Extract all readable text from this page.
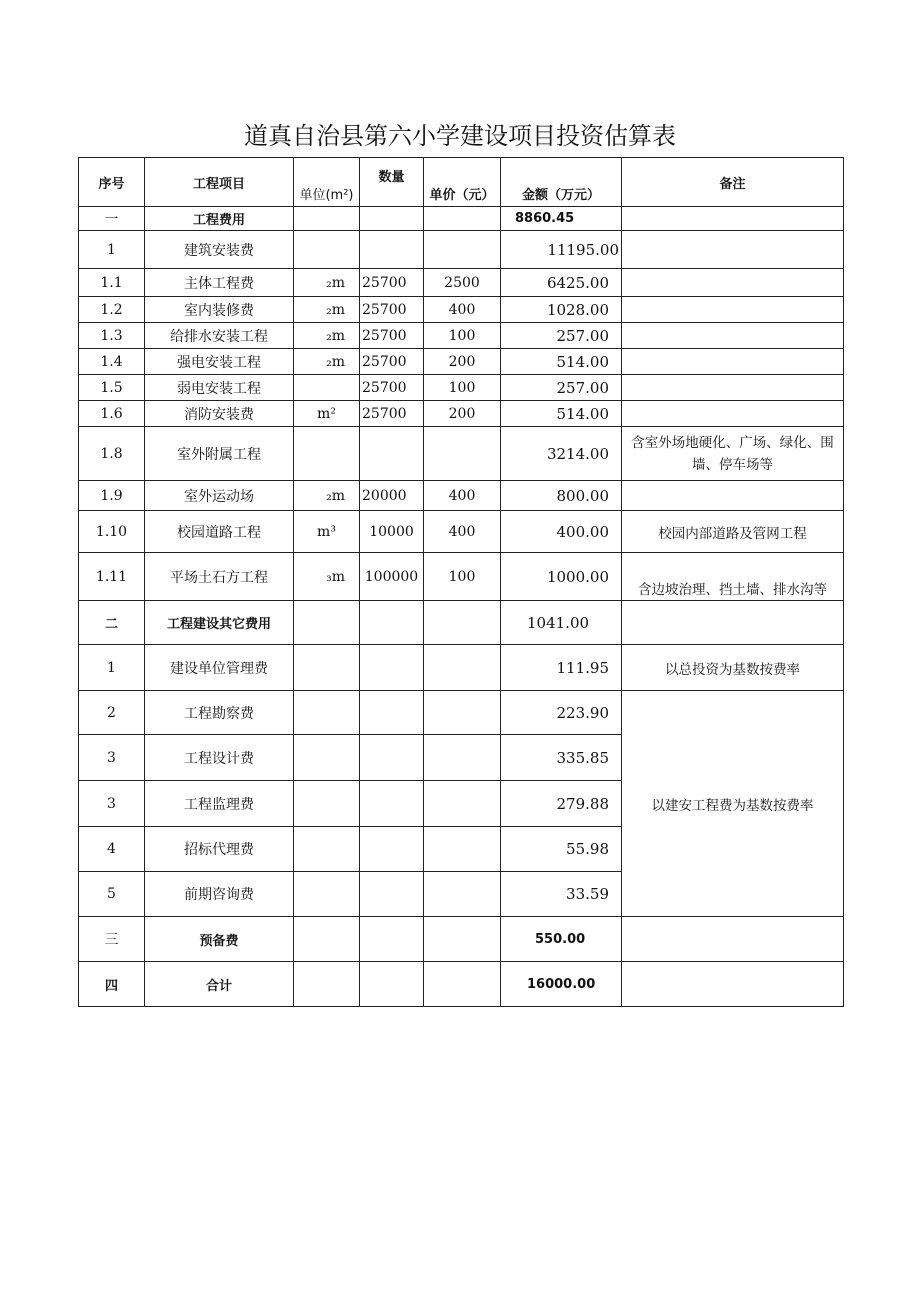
道真自治县第六小学建设项目投资估算表
序号	工程项目	单位(m²)	数量	单价（元）	金额（万元）	备注
一	工程费用				8860.45	
1	建筑安装费				11195.00	
1.1	主体工程费	₂m	25700	2500	6425.00	
1.2	室内装修费	₂m	25700	400	1028.00	
1.3	给排水安装工程	₂m	25700	100	257.00	
1.4	强电安装工程	₂m	25700	200	514.00	
1.5	弱电安装工程		25700	100	257.00	
1.6	消防安装费	m²	25700	200	514.00	
1.8	室外附属工程				3214.00	含室外场地硬化、广场、绿化、围墙、停车场等
1.9	室外运动场	₂m	20000	400	800.00	
1.10	校园道路工程	m³	10000	400	400.00	校园内部道路及管网工程
1.11	平场土石方工程	₃m	100000	100	1000.00	含边坡治理、挡土墙、排水沟等
二	工程建设其它费用				1041.00	
1	建设单位管理费				111.95	以总投资为基数按费率
2	工程勘察费				223.90	以建安工程费为基数按费率
3	工程设计费				335.85	
3	工程监理费				279.88	
4	招标代理费				55.98	
5	前期咨询费				33.59	
三	预备费				550.00	
四	合计				16000.00	
